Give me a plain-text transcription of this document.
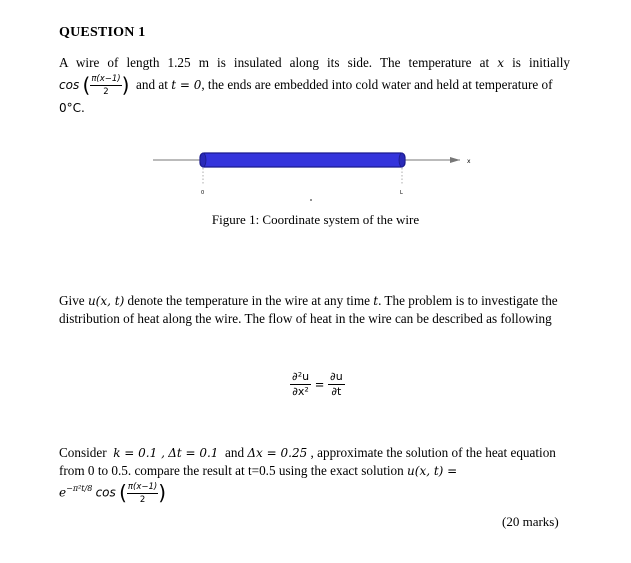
QUESTION 1
A wire of length 1.25 m is insulated along its side. The temperature at x is initially
cos ( $\frac{\pi(x-1)}{2}$ ) and at t = 0, the ends are embedded into cold water and held at temperature of
0°C.
x
0	L
Figure 1: Coordinate system of the wire
Give u(x, t) denote the temperature in the wire at any time t. The problem is to investigate the distribution of heat along the wire. The flow of heat in the wire can be described as following
$\frac{\text{∂²u}}{\text{∂x²}} = \frac{\partial u}{\partial t}$
Consider k = 0.1 , Δt = 0.1 and Δx = 0.25 , approximate the solution of the heat equation from 0 to 0.5. compare the result at t=0.5 using the exact solution u(x, t) =
$e^{-\pi^2t/8}$ cos ( $\frac{\pi(x-1)}{2}$ )
(20 marks)
